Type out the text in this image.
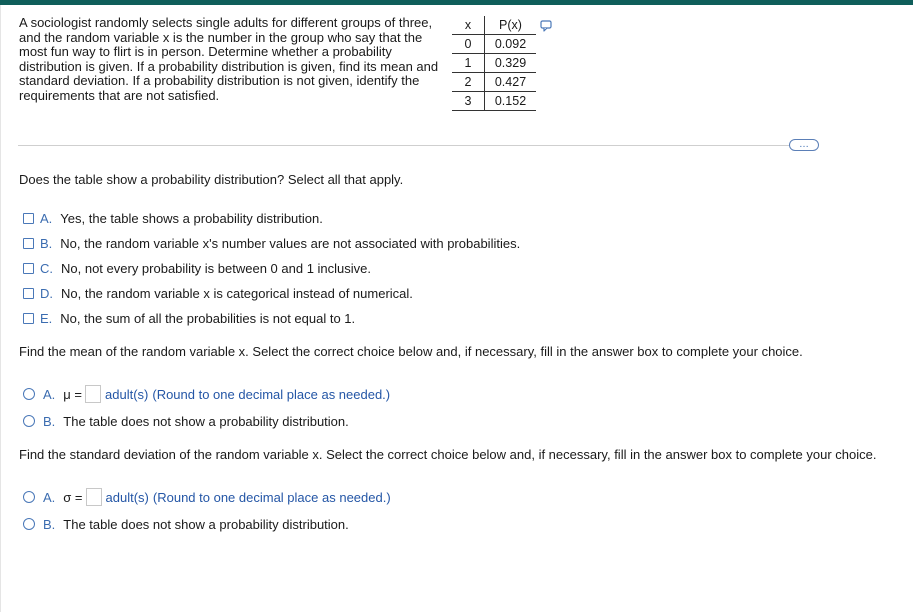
A sociologist randomly selects single adults for different groups of three, and the random variable x is the number in the group who say that the most fun way to flirt is in person. Determine whether a probability distribution is given. If a probability distribution is given, find its mean and standard deviation. If a probability distribution is not given, identify the requirements that are not satisfied.
x	P(x)
0	0.092
1	0.329
2	0.427
3	0.152
…
Does the table show a probability distribution? Select all that apply.
A. Yes, the table shows a probability distribution.
B. No, the random variable x's number values are not associated with probabilities.
C. No, not every probability is between 0 and 1 inclusive.
D. No, the random variable x is categorical instead of numerical.
E. No, the sum of all the probabilities is not equal to 1.
Find the mean of the random variable x. Select the correct choice below and, if necessary, fill in the answer box to complete your choice.
A. μ = adult(s) (Round to one decimal place as needed.)
B. The table does not show a probability distribution.
Find the standard deviation of the random variable x. Select the correct choice below and, if necessary, fill in the answer box to complete your choice.
A. σ = adult(s) (Round to one decimal place as needed.)
B. The table does not show a probability distribution.
